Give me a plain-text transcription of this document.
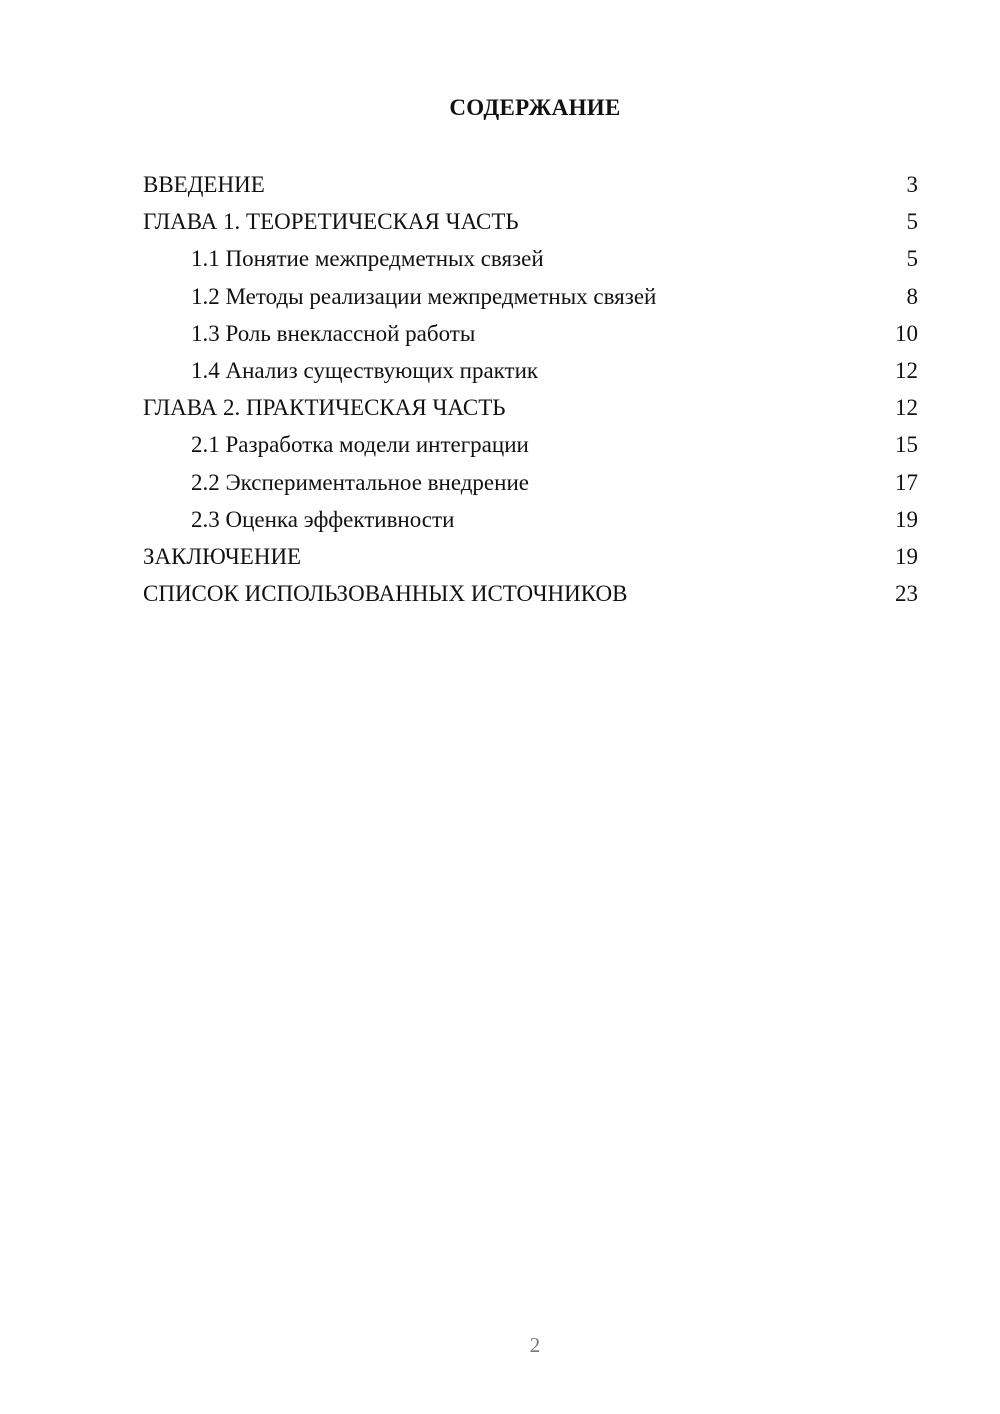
СОДЕРЖАНИЕ
ВВЕДЕНИЕ	3
ГЛАВА 1. ТЕОРЕТИЧЕСКАЯ ЧАСТЬ	5
1.1 Понятие межпредметных связей	5
1.2 Методы реализации межпредметных связей	8
1.3 Роль внеклассной работы	10
1.4 Анализ существующих практик	12
ГЛАВА 2. ПРАКТИЧЕСКАЯ ЧАСТЬ	12
2.1 Разработка модели интеграции	15
2.2 Экспериментальное внедрение	17
2.3 Оценка эффективности	19
ЗАКЛЮЧЕНИЕ	19
СПИСОК ИСПОЛЬЗОВАННЫХ ИСТОЧНИКОВ	23
2
